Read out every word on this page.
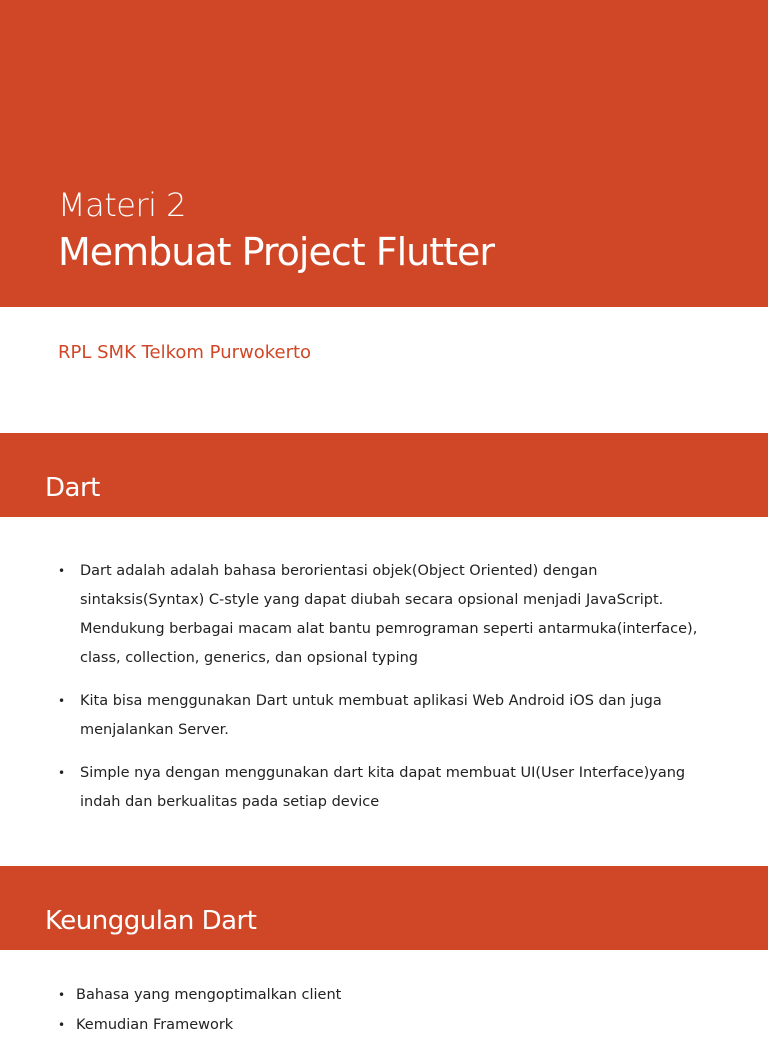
Materi 2
Membuat Project Flutter
RPL SMK Telkom Purwokerto
Dart
• Dart adalah adalah bahasa berorientasi objek(Object Oriented) dengan sintaksis(Syntax) C-style yang dapat diubah secara opsional menjadi JavaScript. Mendukung berbagai macam alat bantu pemrograman seperti antarmuka(interface), class, collection, generics, dan opsional typing
• Kita bisa menggunakan Dart untuk membuat aplikasi Web Android iOS dan juga menjalankan Server.
• Simple nya dengan menggunakan dart kita dapat membuat UI(User Interface)yang indah dan berkualitas pada setiap device
Keunggulan Dart
• Bahasa yang mengoptimalkan client
• Kemudian Framework
